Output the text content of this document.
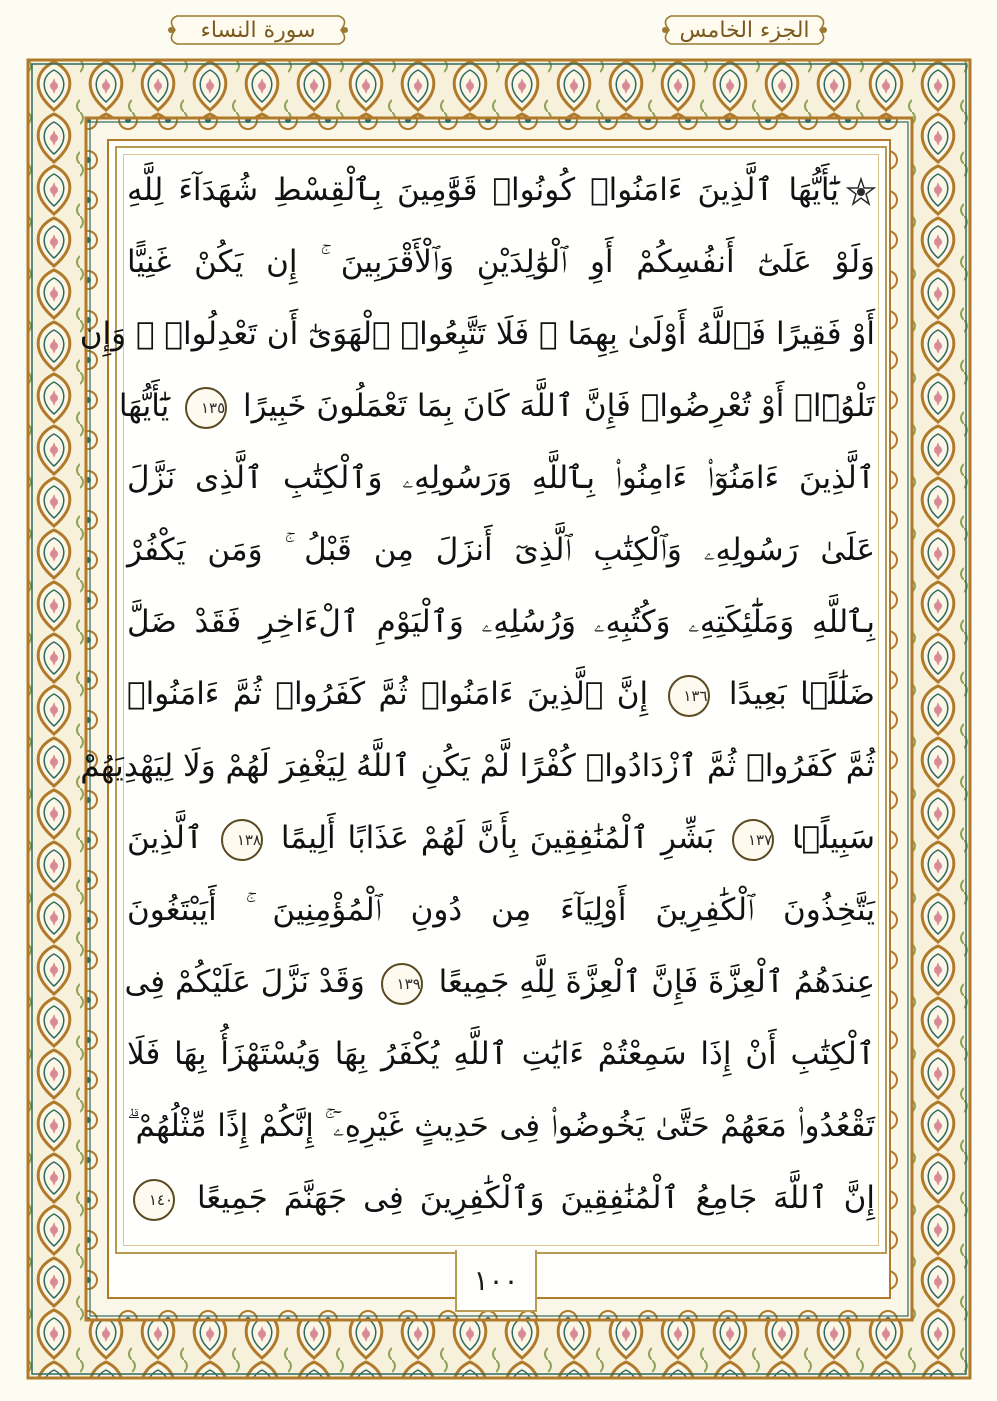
سورة النساء	الجزء الخامس
يَٰٓأَيُّهَا ٱلَّذِينَ ءَامَنُوا۟ كُونُوا۟ قَوَّٰمِينَ بِٱلْقِسْطِ شُهَدَآءَ لِلَّهِ
وَلَوْ عَلَىٰٓ أَنفُسِكُمْ أَوِ ٱلْوَٰلِدَيْنِ وَٱلْأَقْرَبِينَ ۚ إِن يَكُنْ غَنِيًّا
أَوْ فَقِيرًا فَٱللَّهُ أَوْلَىٰ بِهِمَا ۖ فَلَا تَتَّبِعُوا۟ ٱلْهَوَىٰٓ أَن تَعْدِلُوا۟ ۚ وَإِن
تَلْوُۥٓا۟ أَوْ تُعْرِضُوا۟ فَإِنَّ ٱللَّهَ كَانَ بِمَا تَعْمَلُونَ خَبِيرًا ١٣٥ يَٰٓأَيُّهَا
ٱلَّذِينَ ءَامَنُوٓا۟ ءَامِنُوا۟ بِٱللَّهِ وَرَسُولِهِۦ وَٱلْكِتَٰبِ ٱلَّذِى نَزَّلَ
عَلَىٰ رَسُولِهِۦ وَٱلْكِتَٰبِ ٱلَّذِىٓ أَنزَلَ مِن قَبْلُ ۚ وَمَن يَكْفُرْ
بِٱللَّهِ وَمَلَٰٓئِكَتِهِۦ وَكُتُبِهِۦ وَرُسُلِهِۦ وَٱلْيَوْمِ ٱلْءَاخِرِ فَقَدْ ضَلَّ
ضَلَٰلًۢا بَعِيدًا ١٣٦ إِنَّ ٱلَّذِينَ ءَامَنُوا۟ ثُمَّ كَفَرُوا۟ ثُمَّ ءَامَنُوا۟
ثُمَّ كَفَرُوا۟ ثُمَّ ٱزْدَادُوا۟ كُفْرًا لَّمْ يَكُنِ ٱللَّهُ لِيَغْفِرَ لَهُمْ وَلَا لِيَهْدِيَهُمْ
سَبِيلًۢا ١٣٧ بَشِّرِ ٱلْمُنَٰفِقِينَ بِأَنَّ لَهُمْ عَذَابًا أَلِيمًا ١٣٨ ٱلَّذِينَ
يَتَّخِذُونَ ٱلْكَٰفِرِينَ أَوْلِيَآءَ مِن دُونِ ٱلْمُؤْمِنِينَ ۚ أَيَبْتَغُونَ
عِندَهُمُ ٱلْعِزَّةَ فَإِنَّ ٱلْعِزَّةَ لِلَّهِ جَمِيعًا ١٣٩ وَقَدْ نَزَّلَ عَلَيْكُمْ فِى
ٱلْكِتَٰبِ أَنْ إِذَا سَمِعْتُمْ ءَايَٰتِ ٱللَّهِ يُكْفَرُ بِهَا وَيُسْتَهْزَأُ بِهَا فَلَا
تَقْعُدُوا۟ مَعَهُمْ حَتَّىٰ يَخُوضُوا۟ فِى حَدِيثٍ غَيْرِهِۦٓ ۚ إِنَّكُمْ إِذًا مِّثْلُهُمْ ۗ
إِنَّ ٱللَّهَ جَامِعُ ٱلْمُنَٰفِقِينَ وَٱلْكَٰفِرِينَ فِى جَهَنَّمَ جَمِيعًا ١٤٠
١٠٠
